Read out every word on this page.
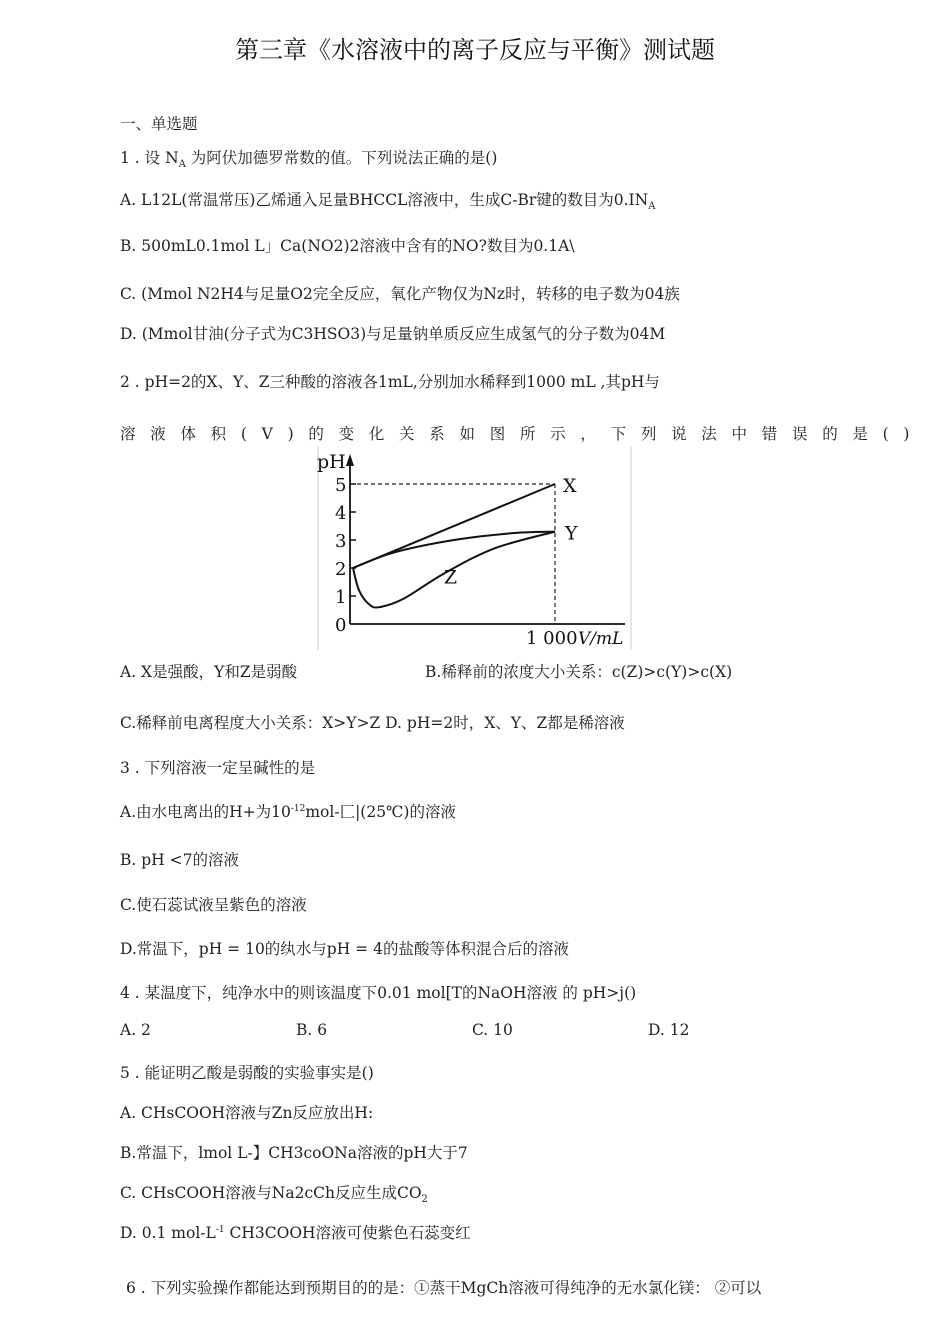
第三章《水溶液中的离子反应与平衡》测试题
一、单选题
1 . 设 $N_A$ 为阿伏加德罗常数的值。下列说法正确的是()
A. L12L(常温常压)乙烯通入足量BHCCL溶液中，生成C-Br键的数目为$0.IN_A$
B. 500mL0.1mol L」Ca(NO2)2溶液中含有的NO?数目为0.1A\
C. (Mmol N2H4与足量O2完全反应，氧化产物仅为Nz时，转移的电子数为04族
D. (Mmol甘油(分子式为C3HSO3)与足量钠单质反应生成氢气的分子数为04M
2 . pH=2的X、Y、Z三种酸的溶液各1mL,分别加水稀释到1000 mL ,其pH与
溶液体积(V)的变化关系如图所示，下列说法中错误的是()
0
1
2
3
4
5	X
Y
Z
pH
1 000 V/mL
A. X是强酸，Y和Z是弱酸	B.稀释前的浓度大小关系：c(Z)>c(Y)>c(X)
C.稀释前电离程度大小关系：X>Y>Z D. pH=2时，X、Y、Z都是稀溶液
3 . 下列溶液一定呈碱性的是
A.由水电离出的H+为$10^{-12}mol-$匚|(25℃)的溶液
B. pH <7的溶液
C.使石蕊试液呈紫色的溶液
D.常温下，pH = 10的纨水与pH = 4的盐酸等体积混合后的溶液
4 . 某温度下，纯净水中的则该温度下0.01 mol[T的NaOH溶液 的 pH>j()
A. 2	B. 6	C. 10	D. 12
5 . 能证明乙酸是弱酸的实验事实是()
A. CHsCOOH溶液与Zn反应放出H:
B.常温下，lmol L-】CH3coONa溶液的pH大于7
C. CHsCOOH溶液与Na2cCh反应生成$CO_2$
D. 0.1 mol-$L^{-1}$ CH3COOH溶液可使紫色石蕊变红
6 . 下列实验操作都能达到预期目的的是：①蒸干MgCh溶液可得纯净的无水氯化镁： ②可以
